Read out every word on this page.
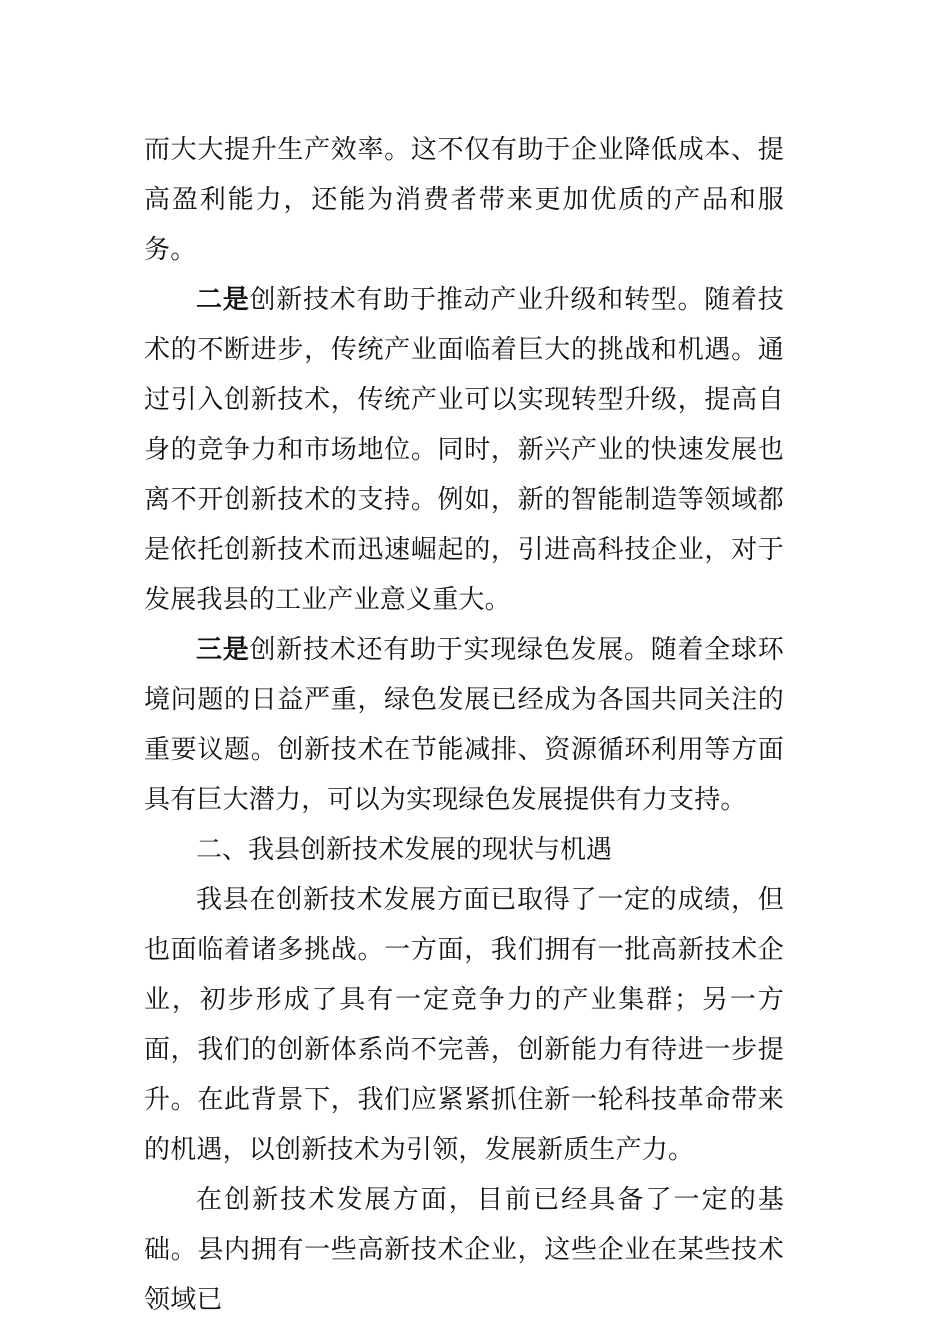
而大大提升生产效率。这不仅有助于企业降低成本、提高盈利能力，还能为消费者带来更加优质的产品和服务。

二是创新技术有助于推动产业升级和转型。随着技术的不断进步，传统产业面临着巨大的挑战和机遇。通过引入创新技术，传统产业可以实现转型升级，提高自身的竞争力和市场地位。同时，新兴产业的快速发展也离不开创新技术的支持。例如，新的智能制造等领域都是依托创新技术而迅速崛起的，引进高科技企业，对于发展我县的工业产业意义重大。

三是创新技术还有助于实现绿色发展。随着全球环境问题的日益严重，绿色发展已经成为各国共同关注的重要议题。创新技术在节能减排、资源循环利用等方面具有巨大潜力，可以为实现绿色发展提供有力支持。

二、我县创新技术发展的现状与机遇

我县在创新技术发展方面已取得了一定的成绩，但也面临着诸多挑战。一方面，我们拥有一批高新技术企业，初步形成了具有一定竞争力的产业集群；另一方面，我们的创新体系尚不完善，创新能力有待进一步提升。在此背景下，我们应紧紧抓住新一轮科技革命带来的机遇，以创新技术为引领，发展新质生产力。

在创新技术发展方面，目前已经具备了一定的基础。县内拥有一些高新技术企业，这些企业在某些技术领域已
